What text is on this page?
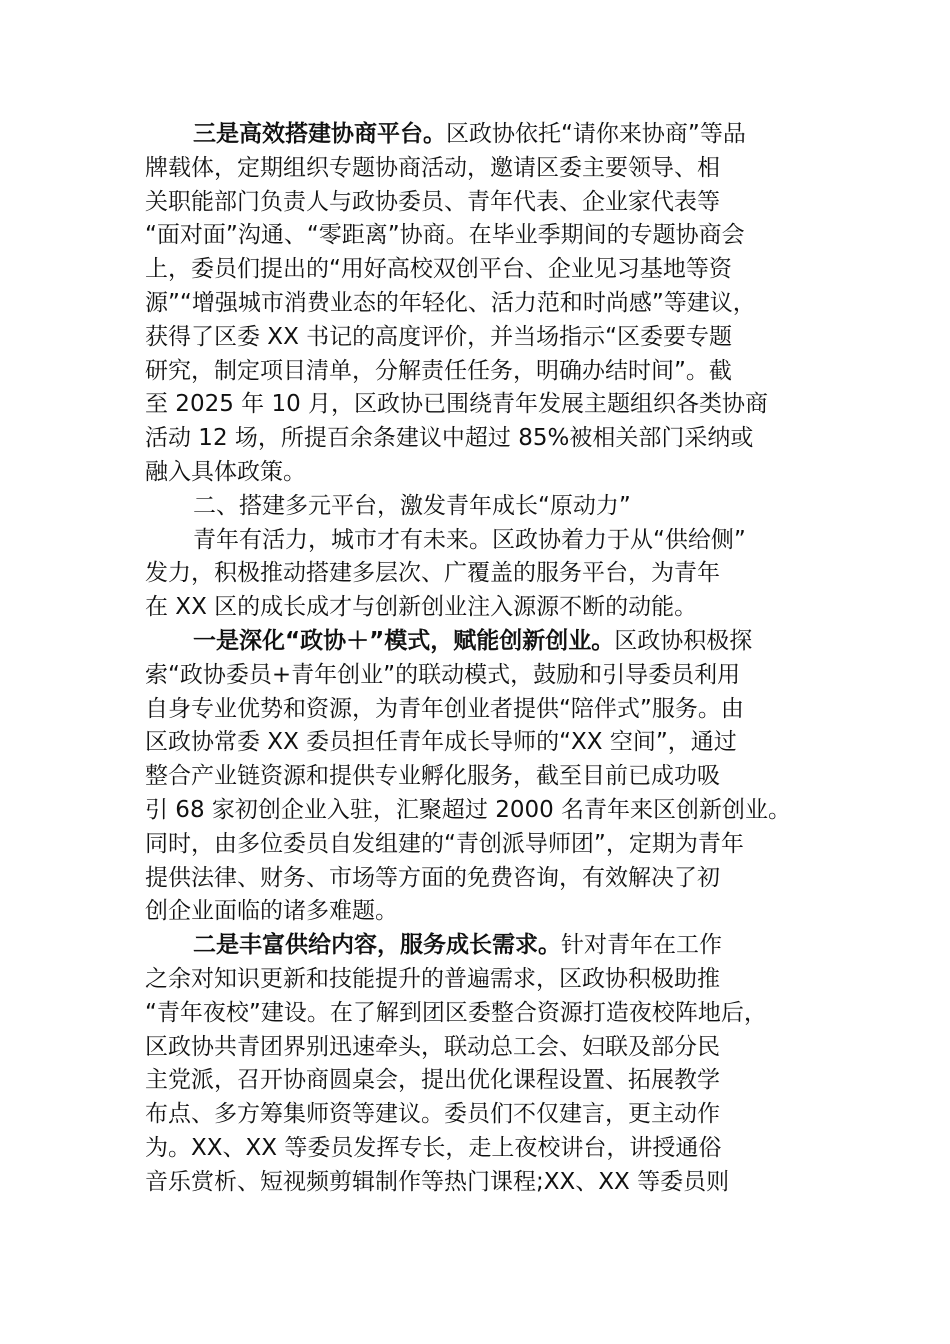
三是高效搭建协商平台。区政协依托“请你来协商”等品
牌载体，定期组织专题协商活动，邀请区委主要领导、相
关职能部门负责人与政协委员、青年代表、企业家代表等
“面对面”沟通、“零距离”协商。在毕业季期间的专题协商会
上，委员们提出的“用好高校双创平台、企业见习基地等资
源”“增强城市消费业态的年轻化、活力范和时尚感”等建议，
获得了区委 XX 书记的高度评价，并当场指示“区委要专题
研究，制定项目清单，分解责任任务，明确办结时间”。截
至 2025 年 10 月，区政协已围绕青年发展主题组织各类协商
活动 12 场，所提百余条建议中超过 85%被相关部门采纳或
融入具体政策。
二、搭建多元平台，激发青年成长“原动力”
青年有活力，城市才有未来。区政协着力于从“供给侧”
发力，积极推动搭建多层次、广覆盖的服务平台，为青年
在 XX 区的成长成才与创新创业注入源源不断的动能。
一是深化“政协＋”模式，赋能创新创业。区政协积极探
索“政协委员+青年创业”的联动模式，鼓励和引导委员利用
自身专业优势和资源，为青年创业者提供“陪伴式”服务。由
区政协常委 XX 委员担任青年成长导师的“XX 空间”，通过
整合产业链资源和提供专业孵化服务，截至目前已成功吸
引 68 家初创企业入驻，汇聚超过 2000 名青年来区创新创业。
同时，由多位委员自发组建的“青创派导师团”，定期为青年
提供法律、财务、市场等方面的免费咨询，有效解决了初
创企业面临的诸多难题。
二是丰富供给内容，服务成长需求。针对青年在工作
之余对知识更新和技能提升的普遍需求，区政协积极助推
“青年夜校”建设。在了解到团区委整合资源打造夜校阵地后，
区政协共青团界别迅速牵头，联动总工会、妇联及部分民
主党派，召开协商圆桌会，提出优化课程设置、拓展教学
布点、多方筹集师资等建议。委员们不仅建言，更主动作
为。XX、XX 等委员发挥专长，走上夜校讲台，讲授通俗
音乐赏析、短视频剪辑制作等热门课程;XX、XX 等委员则
